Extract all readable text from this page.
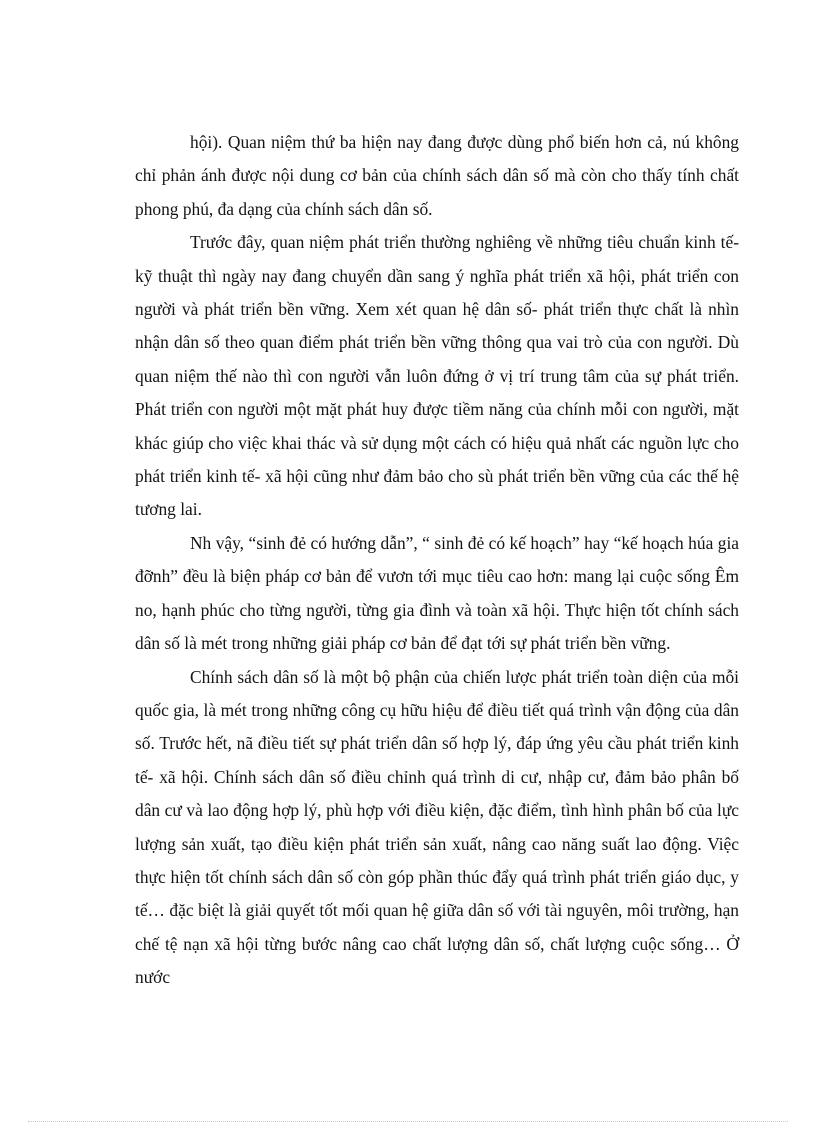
hội). Quan niệm thứ ba hiện nay đang được dùng phổ biến hơn cả, nú không chỉ phản ánh được nội dung cơ bản của chính sách dân số mà còn cho thấy tính chất phong phú, đa dạng của chính sách dân số.

Trước đây, quan niệm phát triển thường nghiêng về những tiêu chuẩn kinh tế- kỹ thuật thì ngày nay đang chuyển dần sang ý nghĩa phát triển xã hội, phát triển con người và phát triển bền vững. Xem xét quan hệ dân số- phát triển thực chất là nhìn nhận dân số theo quan điểm phát triển bền vững thông qua vai trò của con người. Dù quan niệm thế nào thì con người vẫn luôn đứng ở vị trí trung tâm của sự phát triển. Phát triển con người một mặt phát huy được tiềm năng của chính mỗi con người, mặt khác giúp cho việc khai thác và sử dụng một cách có hiệu quả nhất các nguồn lực cho phát triển kinh tế- xã hội cũng như đảm bảo cho sù phát triển bền vững của các thế hệ tương lai.

Nh vậy, “sinh đẻ có hướng dẫn”, “ sinh đẻ có kế hoạch” hay “kế hoạch húa gia đỡnh” đều là biện pháp cơ bản để vươn tới mục tiêu cao hơn: mang lại cuộc sống Êm no, hạnh phúc cho từng người, từng gia đình và toàn xã hội. Thực hiện tốt chính sách dân số là mét trong những giải pháp cơ bản để đạt tới sự phát triển bền vững.

Chính sách dân số là một bộ phận của chiến lược phát triển toàn diện của mỗi quốc gia, là mét trong những công cụ hữu hiệu để điều tiết quá trình vận động của dân số. Trước hết, nã điều tiết sự phát triển dân số hợp lý, đáp ứng yêu cầu phát triển kinh tế- xã hội. Chính sách dân số điều chỉnh quá trình di cư, nhập cư, đảm bảo phân bố dân cư và lao động hợp lý, phù hợp với điều kiện, đặc điểm, tình hình phân bố của lực lượng sản xuất, tạo điều kiện phát triển sản xuất, nâng cao năng suất lao động. Việc thực hiện tốt chính sách dân số còn góp phần thúc đẩy quá trình phát triển giáo dục, y tế… đặc biệt là giải quyết tốt mối quan hệ giữa dân số với tài nguyên, môi trường, hạn chế tệ nạn xã hội từng bước nâng cao chất lượng dân số, chất lượng cuộc sống… Ở nước
